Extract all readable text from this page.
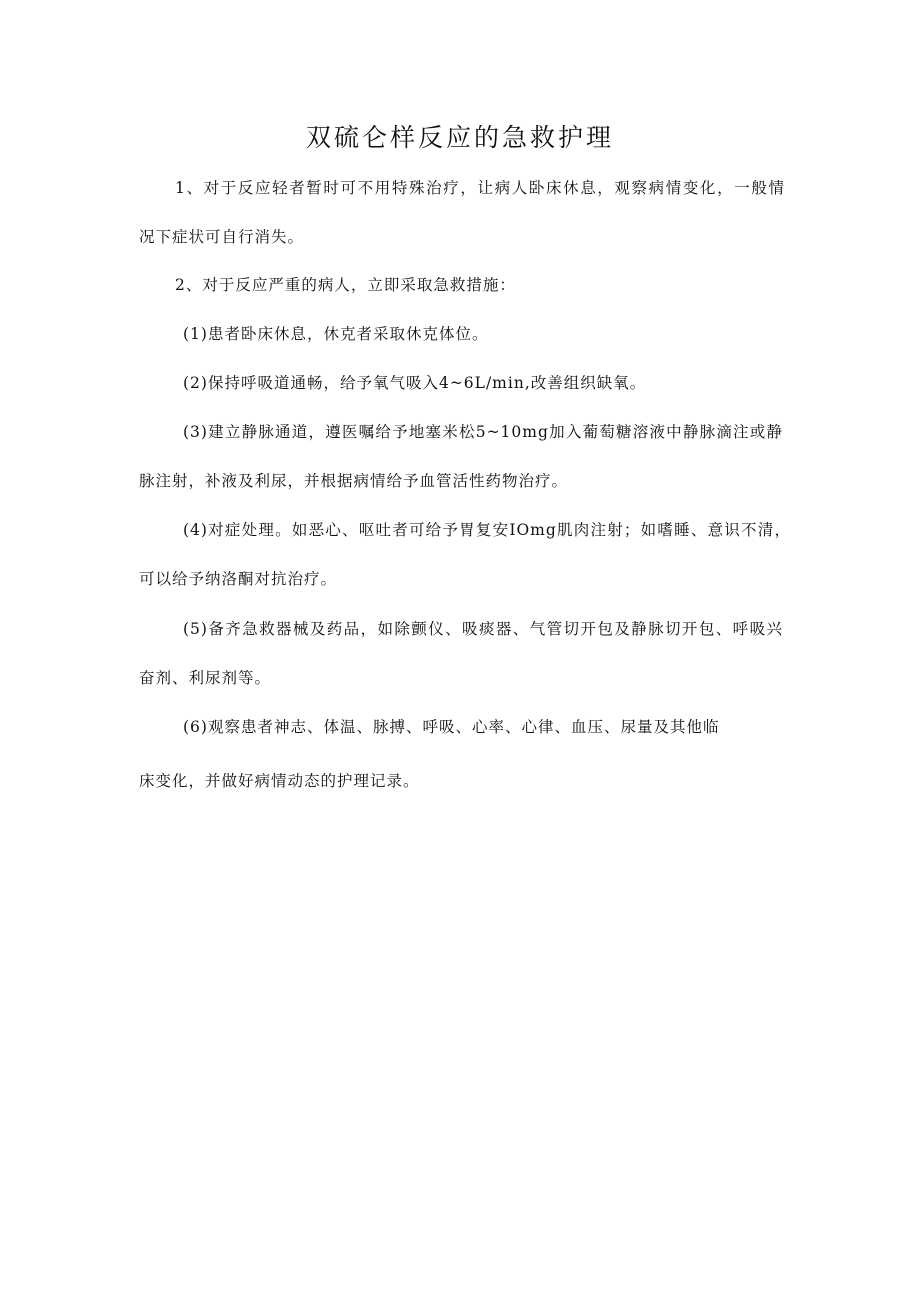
双硫仑样反应的急救护理
1、对于反应轻者暂时可不用特殊治疗，让病人卧床休息，观察病情变化，一般情
况下症状可自行消失。
2、对于反应严重的病人，立即采取急救措施：
(1)患者卧床休息，休克者采取休克体位。
(2)保持呼吸道通畅，给予氧气吸入4~6L/min,改善组织缺氧。
(3)建立静脉通道，遵医嘱给予地塞米松5~10mg加入葡萄糖溶液中静脉滴注或静
脉注射，补液及利尿，并根据病情给予血管活性药物治疗。
(4)对症处理。如恶心、呕吐者可给予胃复安IOmg肌肉注射；如嗜睡、意识不清，
可以给予纳洛酮对抗治疗。
(5)备齐急救器械及药品，如除颤仪、吸痰器、气管切开包及静脉切开包、呼吸兴
奋剂、利尿剂等。
(6)观察患者神志、体温、脉搏、呼吸、心率、心律、血压、尿量及其他临
床变化，并做好病情动态的护理记录。
